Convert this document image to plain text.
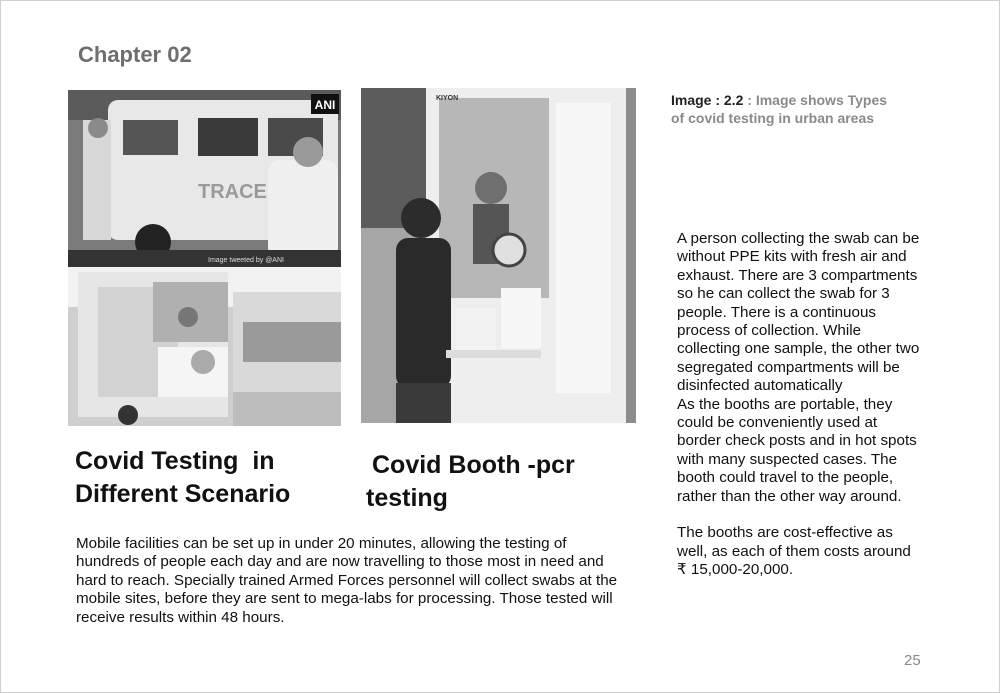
Chapter 02
ANI
TRACE
Image tweeted by @ANI
KIYON	Image : 2.2 : Image shows Types of covid testing in urban areas
Covid Testing  in
Different Scenario
Covid Booth -pcr
testing
Mobile facilities can be set up in under 20 minutes, allowing the testing of hundreds of people each day and are now travelling to those most in need and hard to reach. Specially trained Armed Forces personnel will collect swabs at the mobile sites, before they are sent to mega-labs for processing. Those tested will receive results within 48 hours.
A person collecting the swab can be without PPE kits with fresh air and exhaust. There are 3 compartments so he can collect the swab for 3 people. There is a continuous process of collection. While collecting one sample, the other two segregated compartments will be disinfected automatically
As the booths are portable, they could be conveniently used at border check posts and in hot spots with many suspected cases. The booth could travel to the people, rather than the other way around.
The booths are cost-effective as well, as each of them costs around ₹ 15,000-20,000.
25
